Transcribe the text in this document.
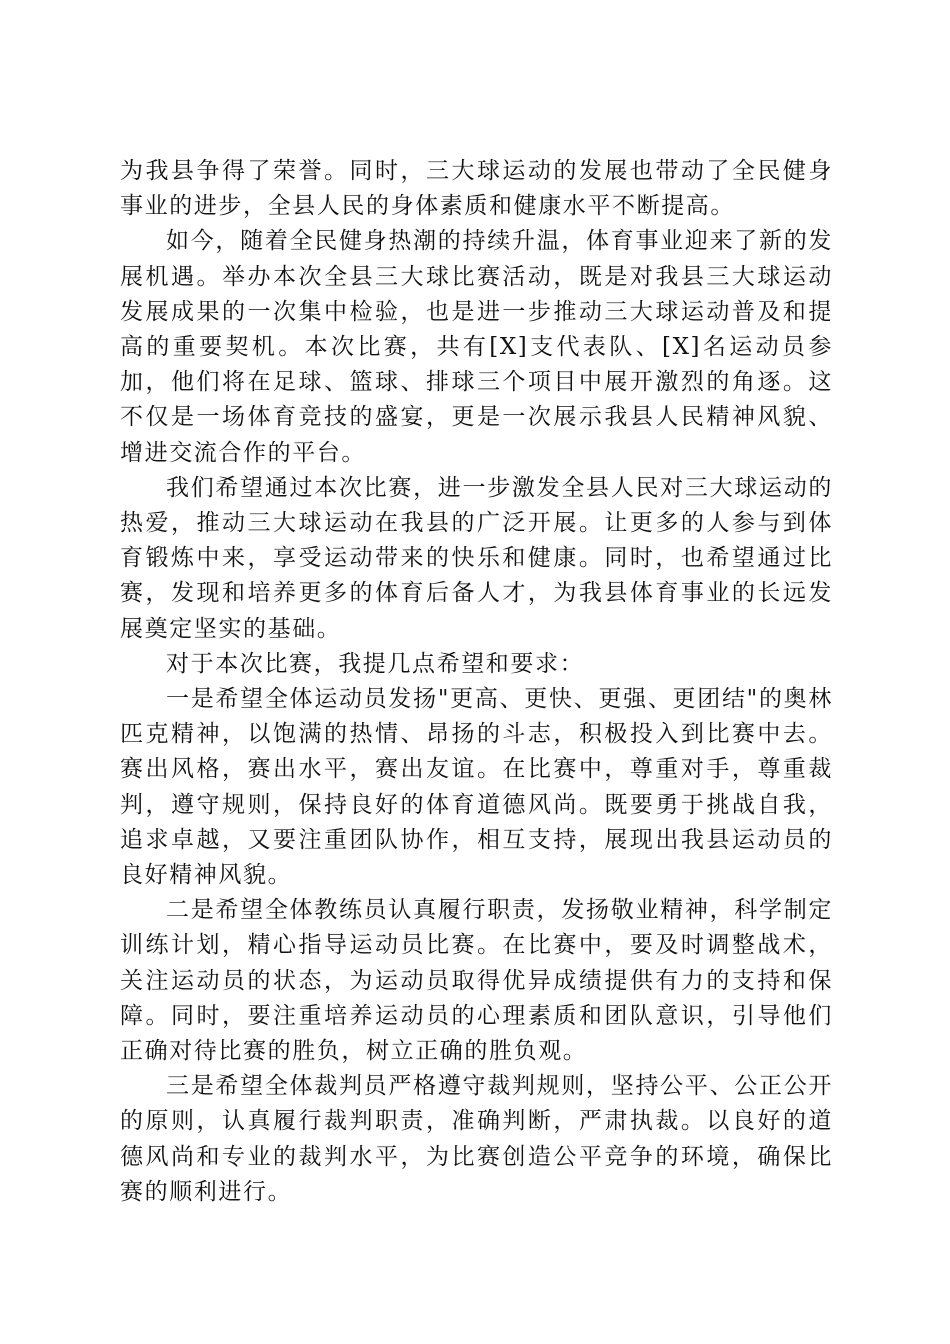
为我县争得了荣誉。同时，三大球运动的发展也带动了全民健身事业的进步，全县人民的身体素质和健康水平不断提高。

如今，随着全民健身热潮的持续升温，体育事业迎来了新的发展机遇。举办本次全县三大球比赛活动，既是对我县三大球运动发展成果的一次集中检验，也是进一步推动三大球运动普及和提高的重要契机。本次比赛，共有[X]支代表队、[X]名运动员参加，他们将在足球、篮球、排球三个项目中展开激烈的角逐。这不仅是一场体育竞技的盛宴，更是一次展示我县人民精神风貌、增进交流合作的平台。

我们希望通过本次比赛，进一步激发全县人民对三大球运动的热爱，推动三大球运动在我县的广泛开展。让更多的人参与到体育锻炼中来，享受运动带来的快乐和健康。同时，也希望通过比赛，发现和培养更多的体育后备人才，为我县体育事业的长远发展奠定坚实的基础。

对于本次比赛，我提几点希望和要求：

一是希望全体运动员发扬"更高、更快、更强、更团结"的奥林匹克精神，以饱满的热情、昂扬的斗志，积极投入到比赛中去。赛出风格，赛出水平，赛出友谊。在比赛中，尊重对手，尊重裁判，遵守规则，保持良好的体育道德风尚。既要勇于挑战自我，追求卓越，又要注重团队协作，相互支持，展现出我县运动员的良好精神风貌。

二是希望全体教练员认真履行职责，发扬敬业精神，科学制定训练计划，精心指导运动员比赛。在比赛中，要及时调整战术，关注运动员的状态，为运动员取得优异成绩提供有力的支持和保障。同时，要注重培养运动员的心理素质和团队意识，引导他们正确对待比赛的胜负，树立正确的胜负观。

三是希望全体裁判员严格遵守裁判规则，坚持公平、公正公开的原则，认真履行裁判职责，准确判断，严肃执裁。以良好的道德风尚和专业的裁判水平，为比赛创造公平竞争的环境，确保比赛的顺利进行。
